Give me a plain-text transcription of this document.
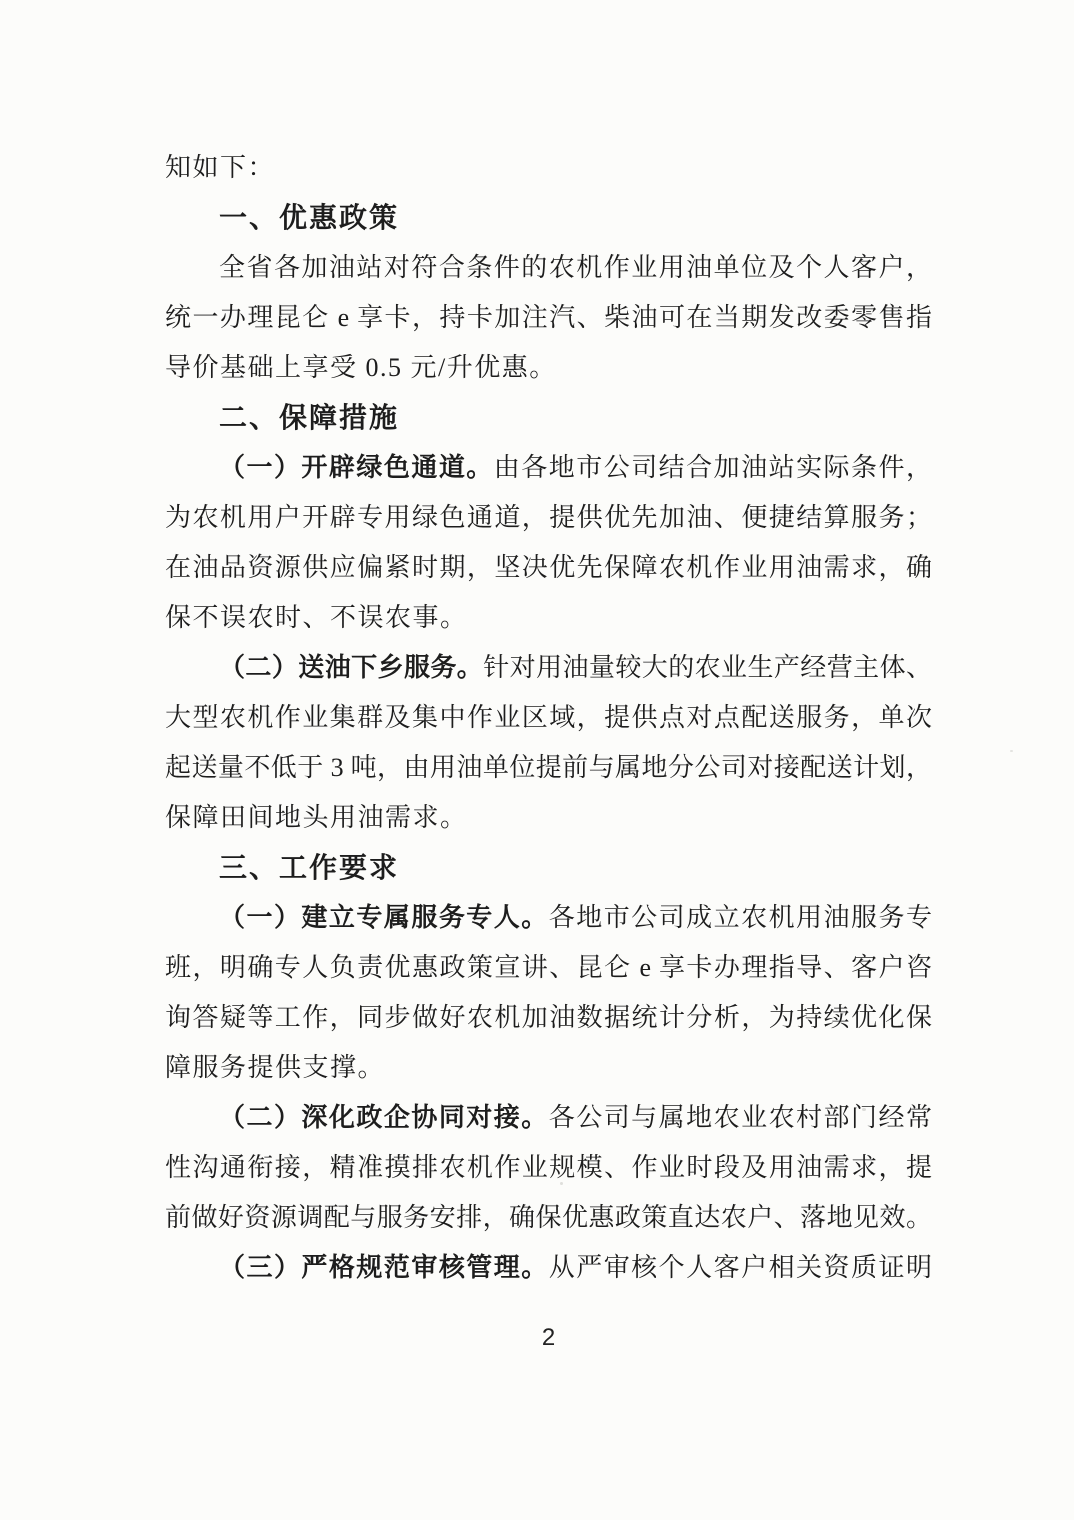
知如下：
一、优惠政策
全省各加油站对符合条件的农机作业用油单位及个人客户，
统一办理昆仑 e 享卡，持卡加注汽、柴油可在当期发改委零售指
导价基础上享受 0.5 元/升优惠。
二、保障措施
（一）开辟绿色通道。由各地市公司结合加油站实际条件，
为农机用户开辟专用绿色通道，提供优先加油、便捷结算服务；
在油品资源供应偏紧时期，坚决优先保障农机作业用油需求，确
保不误农时、不误农事。
（二）送油下乡服务。针对用油量较大的农业生产经营主体、
大型农机作业集群及集中作业区域，提供点对点配送服务，单次
起送量不低于 3 吨，由用油单位提前与属地分公司对接配送计划，
保障田间地头用油需求。
三、工作要求
（一）建立专属服务专人。各地市公司成立农机用油服务专
班，明确专人负责优惠政策宣讲、昆仑 e 享卡办理指导、客户咨
询答疑等工作，同步做好农机加油数据统计分析，为持续优化保
障服务提供支撑。
（二）深化政企协同对接。各公司与属地农业农村部门经常
性沟通衔接，精准摸排农机作业规模、作业时段及用油需求，提
前做好资源调配与服务安排，确保优惠政策直达农户、落地见效。
（三）严格规范审核管理。从严审核个人客户相关资质证明
2
